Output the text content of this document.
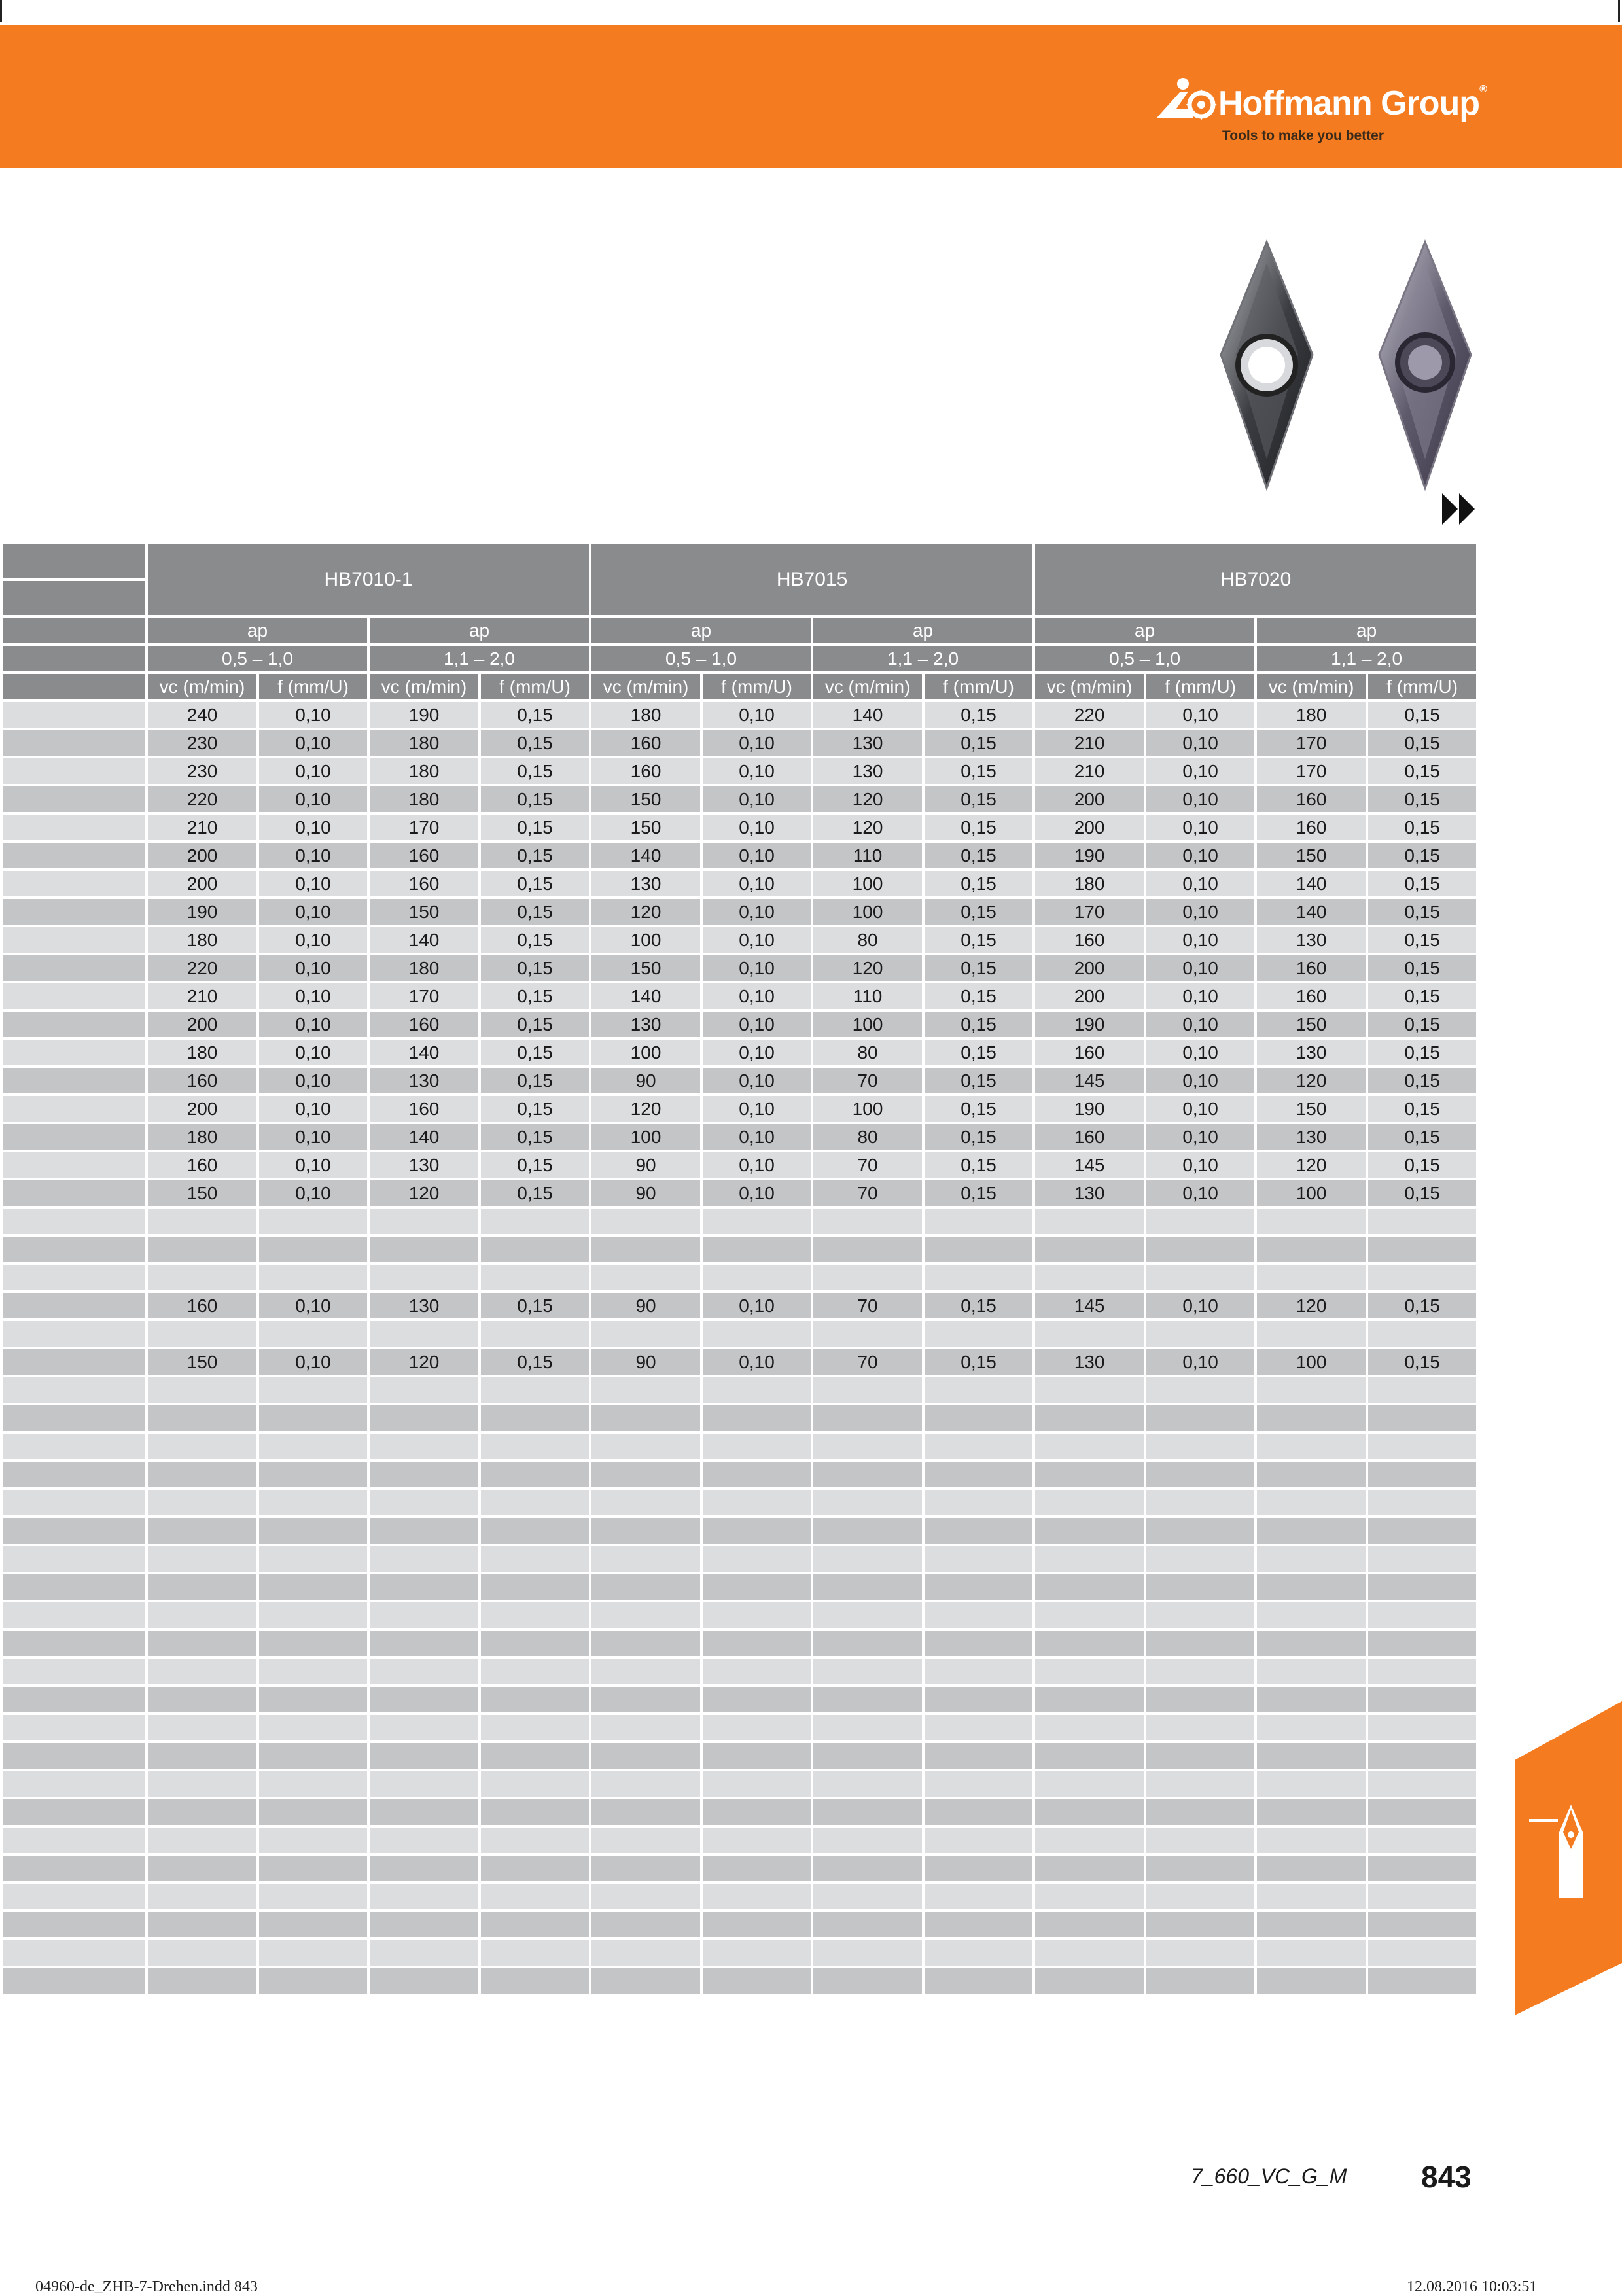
Hoffmann Group®
Tools to make you better
	HB7010-1				HB7015				HB7020			

	ap		ap		ap		ap		ap		ap	
	0,5 – 1,0		1,1 – 2,0		0,5 – 1,0		1,1 – 2,0		0,5 – 1,0		1,1 – 2,0	
	vc (m/min)	f (mm/U)	vc (m/min)	f (mm/U)	vc (m/min)	f (mm/U)	vc (m/min)	f (mm/U)	vc (m/min)	f (mm/U)	vc (m/min)	f (mm/U)
	240	0,10	190	0,15	180	0,10	140	0,15	220	0,10	180	0,15
	230	0,10	180	0,15	160	0,10	130	0,15	210	0,10	170	0,15
	230	0,10	180	0,15	160	0,10	130	0,15	210	0,10	170	0,15
	220	0,10	180	0,15	150	0,10	120	0,15	200	0,10	160	0,15
	210	0,10	170	0,15	150	0,10	120	0,15	200	0,10	160	0,15
	200	0,10	160	0,15	140	0,10	110	0,15	190	0,10	150	0,15
	200	0,10	160	0,15	130	0,10	100	0,15	180	0,10	140	0,15
	190	0,10	150	0,15	120	0,10	100	0,15	170	0,10	140	0,15
	180	0,10	140	0,15	100	0,10	80	0,15	160	0,10	130	0,15
	220	0,10	180	0,15	150	0,10	120	0,15	200	0,10	160	0,15
	210	0,10	170	0,15	140	0,10	110	0,15	200	0,10	160	0,15
	200	0,10	160	0,15	130	0,10	100	0,15	190	0,10	150	0,15
	180	0,10	140	0,15	100	0,10	80	0,15	160	0,10	130	0,15
	160	0,10	130	0,15	90	0,10	70	0,15	145	0,10	120	0,15
	200	0,10	160	0,15	120	0,10	100	0,15	190	0,10	150	0,15
	180	0,10	140	0,15	100	0,10	80	0,15	160	0,10	130	0,15
	160	0,10	130	0,15	90	0,10	70	0,15	145	0,10	120	0,15
	150	0,10	120	0,15	90	0,10	70	0,15	130	0,10	100	0,15

	160	0,10	130	0,15	90	0,10	70	0,15	145	0,10	120	0,15

	150	0,10	120	0,15	90	0,10	70	0,15	130	0,10	100	0,15

7_660_VC_G_M 843
04960-de_ZHB-7-Drehen.indd 843	12.08.2016 10:03:51
